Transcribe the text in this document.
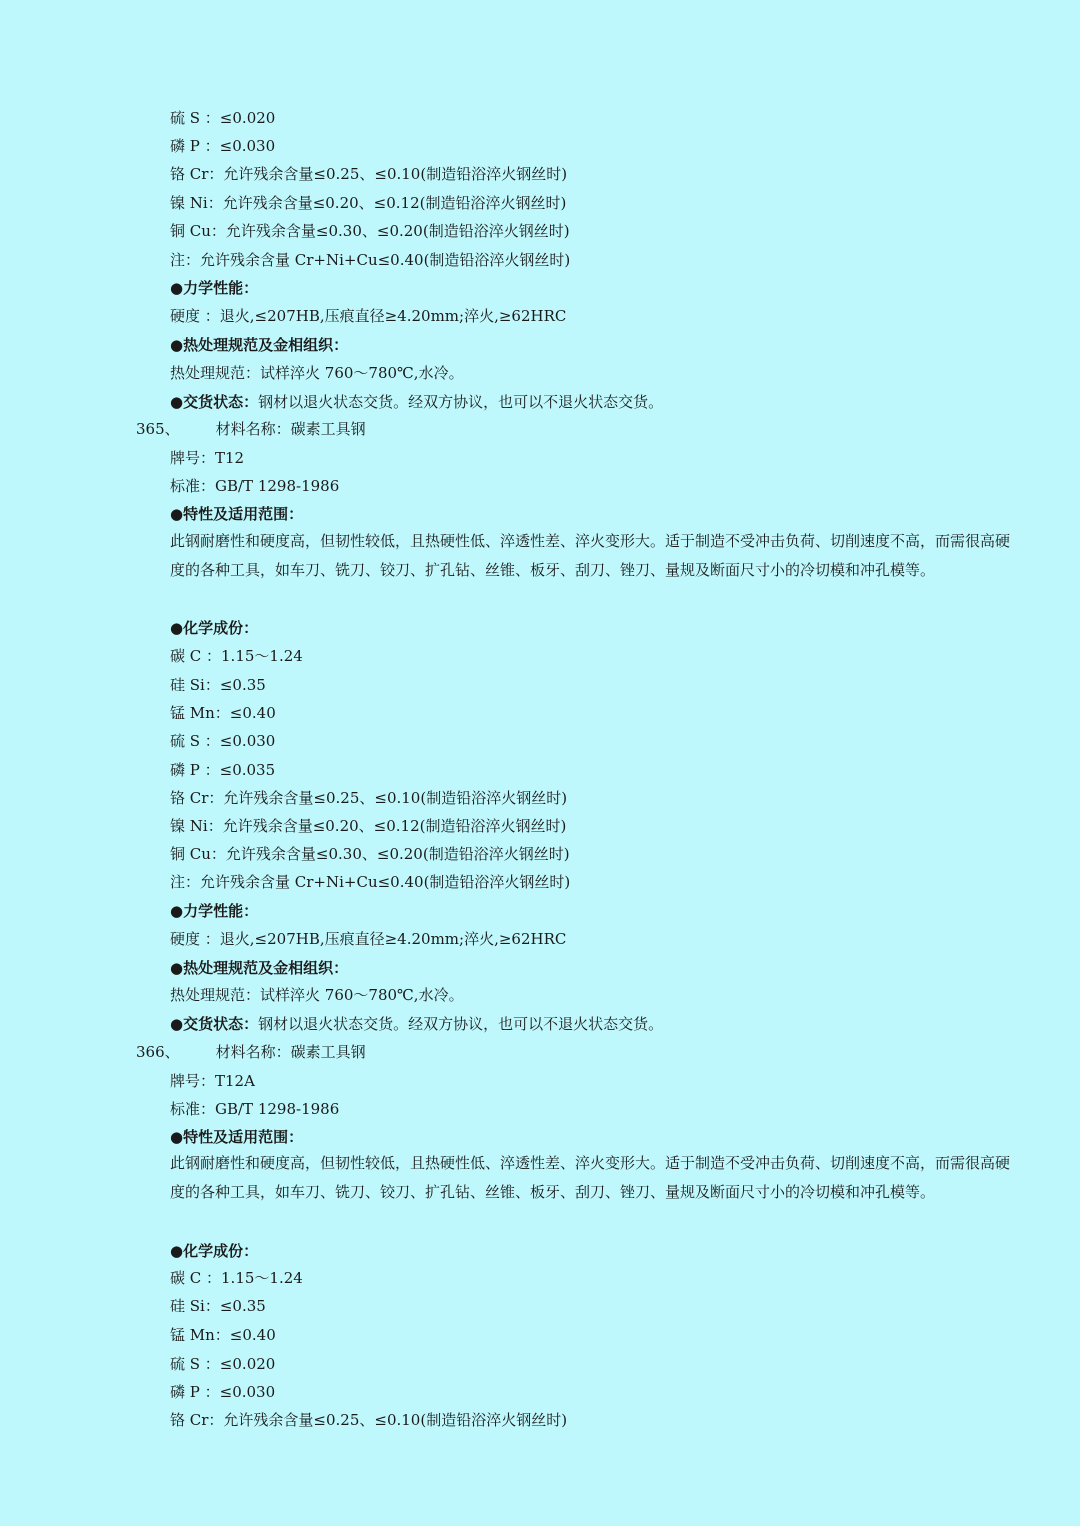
硫 S ：≤0.020
磷 P ：≤0.030
铬 Cr：允许残余含量≤0.25、≤0.10(制造铅浴淬火钢丝时)
镍 Ni：允许残余含量≤0.20、≤0.12(制造铅浴淬火钢丝时)
铜 Cu：允许残余含量≤0.30、≤0.20(制造铅浴淬火钢丝时)
注：允许残余含量 Cr+Ni+Cu≤0.40(制造铅浴淬火钢丝时)
●力学性能：
硬度 ：退火,≤207HB,压痕直径≥4.20mm;淬火,≥62HRC
●热处理规范及金相组织：
热处理规范：试样淬火 760～780℃,水冷。
●交货状态：钢材以退火状态交货。经双方协议，也可以不退火状态交货。
365、 材料名称：碳素工具钢
牌号：T12
标准：GB/T 1298-1986
●特性及适用范围：
此钢耐磨性和硬度高，但韧性较低，且热硬性低、淬透性差、淬火变形大。适于制造不受冲击负荷、切削速度不高，而需很高硬度的各种工具，如车刀、铣刀、铰刀、扩孔钻、丝锥、板牙、刮刀、锉刀、量规及断面尺寸小的冷切模和冲孔模等。
●化学成份：
碳 C ：1.15～1.24
硅 Si：≤0.35
锰 Mn：≤0.40
硫 S ：≤0.030
磷 P ：≤0.035
铬 Cr：允许残余含量≤0.25、≤0.10(制造铅浴淬火钢丝时)
镍 Ni：允许残余含量≤0.20、≤0.12(制造铅浴淬火钢丝时)
铜 Cu：允许残余含量≤0.30、≤0.20(制造铅浴淬火钢丝时)
注：允许残余含量 Cr+Ni+Cu≤0.40(制造铅浴淬火钢丝时)
●力学性能：
硬度 ：退火,≤207HB,压痕直径≥4.20mm;淬火,≥62HRC
●热处理规范及金相组织：
热处理规范：试样淬火 760～780℃,水冷。
●交货状态：钢材以退火状态交货。经双方协议，也可以不退火状态交货。
366、 材料名称：碳素工具钢
牌号：T12A
标准：GB/T 1298-1986
●特性及适用范围：
此钢耐磨性和硬度高，但韧性较低，且热硬性低、淬透性差、淬火变形大。适于制造不受冲击负荷、切削速度不高，而需很高硬度的各种工具，如车刀、铣刀、铰刀、扩孔钻、丝锥、板牙、刮刀、锉刀、量规及断面尺寸小的冷切模和冲孔模等。
●化学成份：
碳 C ：1.15～1.24
硅 Si：≤0.35
锰 Mn：≤0.40
硫 S ：≤0.020
磷 P ：≤0.030
铬 Cr：允许残余含量≤0.25、≤0.10(制造铅浴淬火钢丝时)
